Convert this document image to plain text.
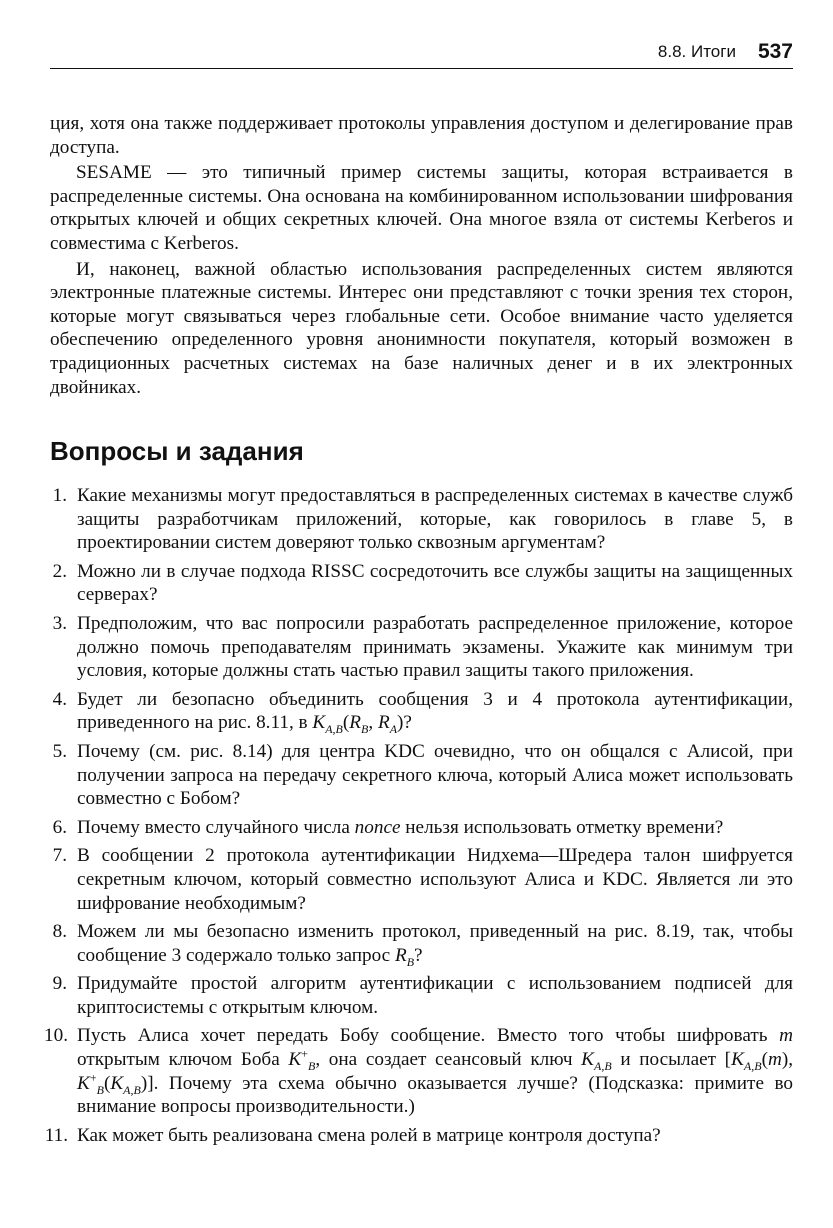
8.8. Итоги 537

ция, хотя она также поддерживает протоколы управления доступом и делегирование прав доступа.

SESAME — это типичный пример системы защиты, которая встраивается в распределенные системы. Она основана на комбинированном использовании шифрования открытых ключей и общих секретных ключей. Она многое взяла от системы Kerberos и совместима с Kerberos.

И, наконец, важной областью использования распределенных систем являются электронные платежные системы. Интерес они представляют с точки зрения тех сторон, которые могут связываться через глобальные сети. Особое внимание часто уделяется обеспечению определенного уровня анонимности покупателя, который возможен в традиционных расчетных системах на базе наличных денег и в их электронных двойниках.

Вопросы и задания
1. Какие механизмы могут предоставляться в распределенных системах в качестве служб защиты разработчикам приложений, которые, как говорилось в главе 5, в проектировании систем доверяют только сквозным аргументам?
2. Можно ли в случае подхода RISSC сосредоточить все службы защиты на защищенных серверах?
3. Предположим, что вас попросили разработать распределенное приложение, которое должно помочь преподавателям принимать экзамены. Укажите как минимум три условия, которые должны стать частью правил защиты такого приложения.
4. Будет ли безопасно объединить сообщения 3 и 4 протокола аутентификации, приведенного на рис. 8.11, в $K_{A,B}(R_B$, $R_A$)?
5. Почему (см. рис. 8.14) для центра KDC очевидно, что он общался с Алисой, при получении запроса на передачу секретного ключа, который Алиса может использовать совместно с Бобом?
6. Почему вместо случайного числа nonce нельзя использовать отметку времени?
7. В сообщении 2 протокола аутентификации Нидхема—Шредера талон шифруется секретным ключом, который совместно используют Алиса и KDC. Является ли это шифрование необходимым?
8. Можем ли мы безопасно изменить протокол, приведенный на рис. 8.19, так, чтобы сообщение 3 содержало только запрос $R_B$?
9. Придумайте простой алгоритм аутентификации с использованием подписей для криптосистемы с открытым ключом.
10. Пусть Алиса хочет передать Бобу сообщение. Вместо того чтобы шифровать m открытым ключом Боба $K^+_B$, она создает сеансовый ключ $K_{A,B}$ и посылает [$K_{A,B}(m)$, $K^+_B(K_{A,B})$]. Почему эта схема обычно оказывается лучше? (Подсказка: примите во внимание вопросы производительности.)
11. Как может быть реализована смена ролей в матрице контроля доступа?
